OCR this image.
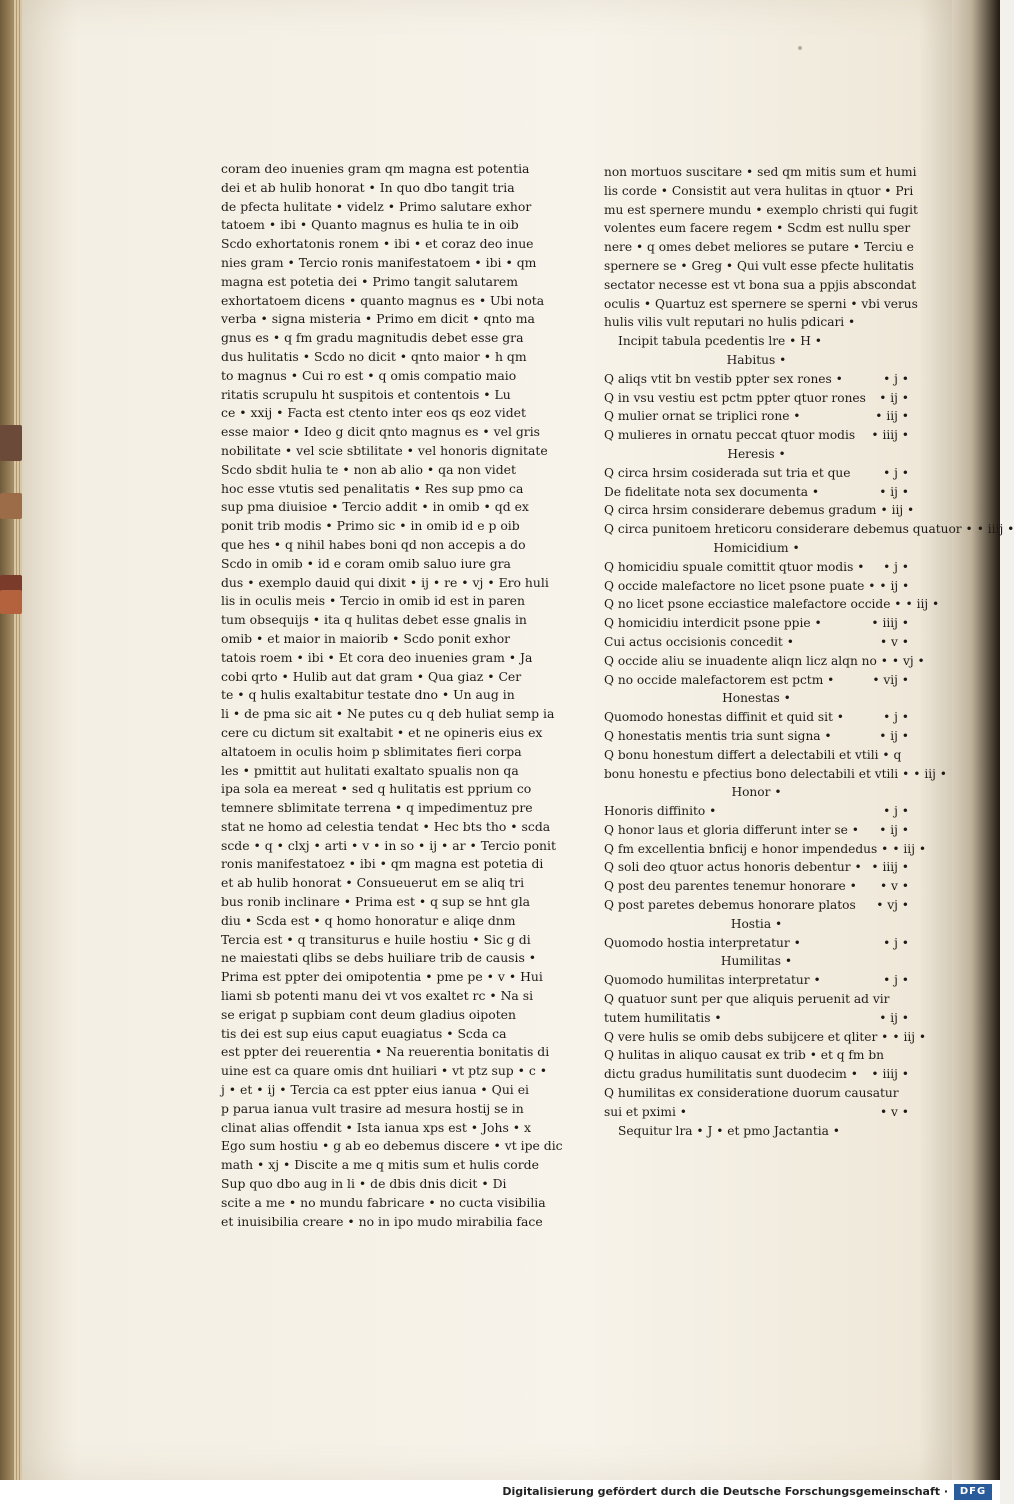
coram deo inuenies gram qm magna est potentia
dei et ab hulib honorat • In quo dbo tangit tria
de pfecta hulitate • videlz • Primo salutare exhor
tatoem • ibi • Quanto magnus es hulia te in oib
Scdo exhortatonis ronem • ibi • et coraz deo inue
nies gram • Tercio ronis manifestatoem • ibi • qm
magna est potetia dei • Primo tangit salutarem
exhortatoem dicens • quanto magnus es • Ubi nota
verba • signa misteria • Primo em dicit • qnto ma
gnus es • q fm gradu magnitudis debet esse gra
dus hulitatis • Scdo no dicit • qnto maior • h qm
to magnus • Cui ro est • q omis compatio maio
ritatis scrupulu ht suspitois et contentois • Lu
ce • xxij • Facta est ctento inter eos qs eoz videt
esse maior • Ideo g dicit qnto magnus es • vel gris
nobilitate • vel scie sbtilitate • vel honoris dignitate
Scdo sbdit hulia te • non ab alio • qa non videt
hoc esse vtutis sed penalitatis • Res sup pmo ca
sup pma diuisioe • Tercio addit • in omib • qd ex
ponit trib modis • Primo sic • in omib id e p oib
que hes • q nihil habes boni qd non accepis a do
Scdo in omib • id e coram omib saluo iure gra
dus • exemplo dauid qui dixit • ij • re • vj • Ero huli
lis in oculis meis • Tercio in omib id est in paren
tum obsequijs • ita q hulitas debet esse gnalis in
omib • et maior in maiorib • Scdo ponit exhor
tatois roem • ibi • Et cora deo inuenies gram • Ja
cobi qrto • Hulib aut dat gram • Qua giaz • Cer
te • q hulis exaltabitur testate dno • Un aug in
li • de pma sic ait • Ne putes cu q deb huliat semp ia
cere cu dictum sit exaltabit • et ne opineris eius ex
altatoem in oculis hoim p sblimitates fieri corpa
les • pmittit aut hulitati exaltato spualis non qa
ipa sola ea mereat • sed q hulitatis est pprium co
temnere sblimitate terrena • q impedimentuz pre
stat ne homo ad celestia tendat • Hec bts tho • scda
scde • q • clxj • arti • v • in so • ij • ar • Tercio ponit
ronis manifestatoez • ibi • qm magna est potetia di
et ab hulib honorat • Consueuerut em se aliq tri
bus ronib inclinare • Prima est • q sup se hnt gla
diu • Scda est • q homo honoratur e aliqe dnm
Tercia est • q transiturus e huile hostiu • Sic g di
ne maiestati qlibs se debs huiliare trib de causis •
Prima est ppter dei omipotentia • pme pe • v • Hui
liami sb potenti manu dei vt vos exaltet rc • Na si
se erigat p supbiam cont deum gladius oipoten
tis dei est sup eius caput euagiatus • Scda ca
est ppter dei reuerentia • Na reuerentia bonitatis di
uine est ca quare omis dnt huiliari • vt ptz sup • c •
j • et • ij • Tercia ca est ppter eius ianua • Qui ei
p parua ianua vult trasire ad mesura hostij se in
clinat alias offendit • Ista ianua xps est • Johs • x
Ego sum hostiu • g ab eo debemus discere • vt ipe dic
math • xj • Discite a me q mitis sum et hulis corde
Sup quo dbo aug in li • de dbis dnis dicit • Di
scite a me • no mundu fabricare • no cucta visibilia
et inuisibilia creare • no in ipo mudo mirabilia face
non mortuos suscitare • sed qm mitis sum et humi
lis corde • Consistit aut vera hulitas in qtuor • Pri
mu est spernere mundu • exemplo christi qui fugit
volentes eum facere regem • Scdm est nullu sper
nere • q omes debet meliores se putare • Terciu e
spernere se • Greg • Qui vult esse pfecte hulitatis
sectator necesse est vt bona sua a ppjis abscondat
oculis • Quartuz est spernere se sperni • vbi verus
hulis vilis vult reputari no hulis pdicari •
Incipit tabula pcedentis lre • H •
Habitus •
Q aliqs vtit bn vestib ppter sex rones •	• j •
Q in vsu vestiu est pctm ppter qtuor rones	• ij •
Q mulier ornat se triplici rone •	• iij •
Q mulieres in ornatu peccat qtuor modis	• iiij •
Heresis •
Q circa hrsim cosiderada sut tria et que	• j •
De fidelitate nota sex documenta •	• ij •
Q circa hrsim considerare debemus gradum • iij •
Q circa punitoem hreticoru considerare debemus quatuor • • iiij •
Homicidium •
Q homicidiu spuale comittit qtuor modis •	• j •
Q occide malefactore no licet psone puate • • ij •
Q no licet psone ecciastice malefactore occide • • iij •
Q homicidiu interdicit psone ppie •	• iiij •
Cui actus occisionis concedit •	• v •
Q occide aliu se inuadente aliqn licz alqn no • • vj •
Q no occide malefactorem est pctm •	• vij •
Honestas •
Quomodo honestas diffinit et quid sit •	• j •
Q honestatis mentis tria sunt signa •	• ij •
Q bonu honestum differt a delectabili et vtili • q
bonu honestu e pfectius bono delectabili et vtili • • iij •
Honor •
Honoris diffinito •	• j •
Q honor laus et gloria differunt inter se •	• ij •
Q fm excellentia bnficij e honor impendedus • • iij •
Q soli deo qtuor actus honoris debentur • • iiij •
Q post deu parentes tenemur honorare •	• v •
Q post paretes debemus honorare platos	• vj •
Hostia •
Quomodo hostia interpretatur •	• j •
Humilitas •
Quomodo humilitas interpretatur •	• j •
Q quatuor sunt per que aliquis peruenit ad vir
tutem humilitatis •	• ij •
Q vere hulis se omib debs subijcere et qliter • • iij •
Q hulitas in aliquo causat ex trib • et q fm bn
dictu gradus humilitatis sunt duodecim •	• iiij •
Q humilitas ex consideratione duorum causatur
sui et pximi •	• v •
Sequitur lra • J • et pmo Jactantia •
Digitalisierung gefördert durch die Deutsche Forschungsgemeinschaft ·	DFG
